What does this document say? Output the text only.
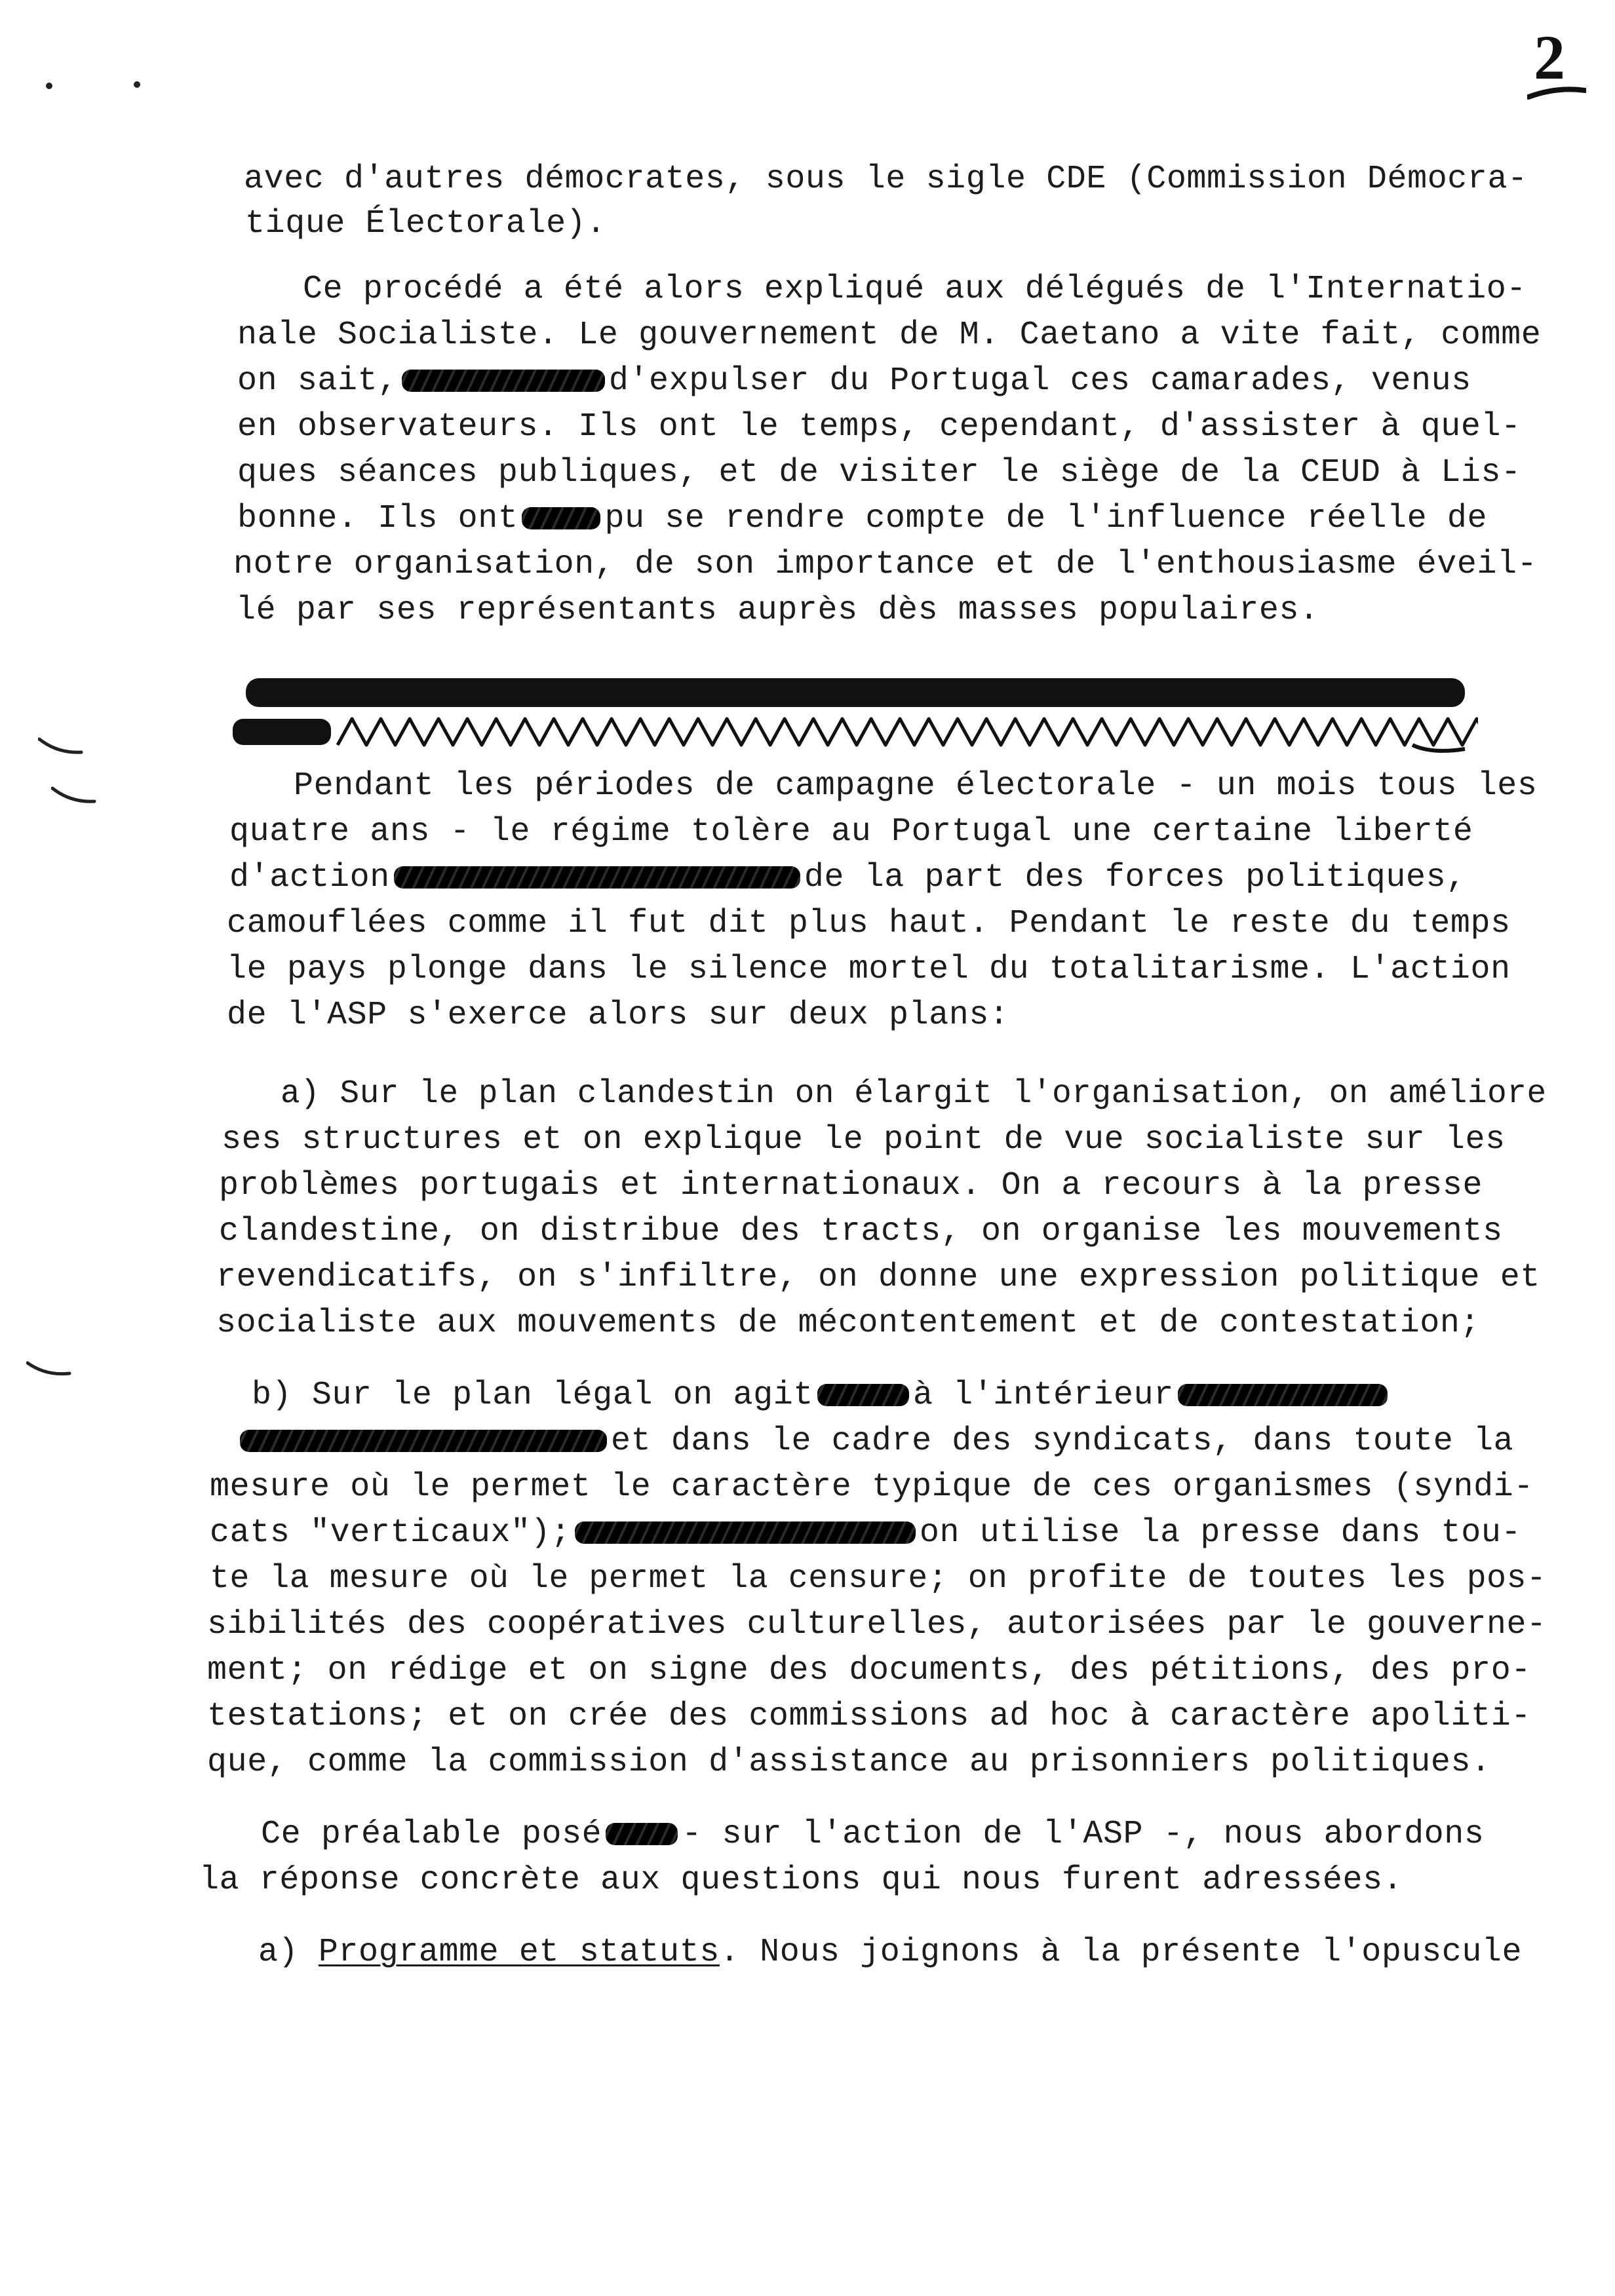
2
avec d'autres démocrates, sous le sigle CDE (Commission Démocra-
tique Électorale).
Ce procédé a été alors expliqué aux délégués de l'Internatio-
nale Socialiste. Le gouvernement de M. Caetano a vite fait, comme
on sait,	d'expulser du Portugal ces camarades, venus
en observateurs. Ils ont le temps, cependant, d'assister à quel-
ques séances publiques, et de visiter le siège de la CEUD à Lis-
bonne. Ils ont	pu se rendre compte de l'influence réelle de
notre organisation, de son importance et de l'enthousiasme éveil-
lé par ses représentants auprès dès masses populaires.
Pendant les périodes de campagne électorale - un mois tous les
quatre ans - le régime tolère au Portugal une certaine liberté
d'action	de la part des forces politiques,
camouflées comme il fut dit plus haut. Pendant le reste du temps
le pays plonge dans le silence mortel du totalitarisme. L'action
de l'ASP s'exerce alors sur deux plans:
a) Sur le plan clandestin on élargit l'organisation, on améliore
ses structures et on explique le point de vue socialiste sur les
problèmes portugais et internationaux. On a recours à la presse
clandestine, on distribue des tracts, on organise les mouvements
revendicatifs, on s'infiltre, on donne une expression politique et
socialiste aux mouvements de mécontentement et de contestation;
b) Sur le plan légal on agit	à l'intérieur
et dans le cadre des syndicats, dans toute la
mesure où le permet le caractère typique de ces organismes (syndi-
cats "verticaux");	on utilise la presse dans tou-
te la mesure où le permet la censure; on profite de toutes les pos-
sibilités des coopératives culturelles, autorisées par le gouverne-
ment; on rédige et on signe des documents, des pétitions, des pro-
testations; et on crée des commissions ad hoc à caractère apoliti-
que, comme la commission d'assistance au prisonniers politiques.
Ce préalable posé - sur l'action de l'ASP -, nous abordons
la réponse concrète aux questions qui nous furent adressées.
a) Programme et statuts. Nous joignons à la présente l'opuscule
